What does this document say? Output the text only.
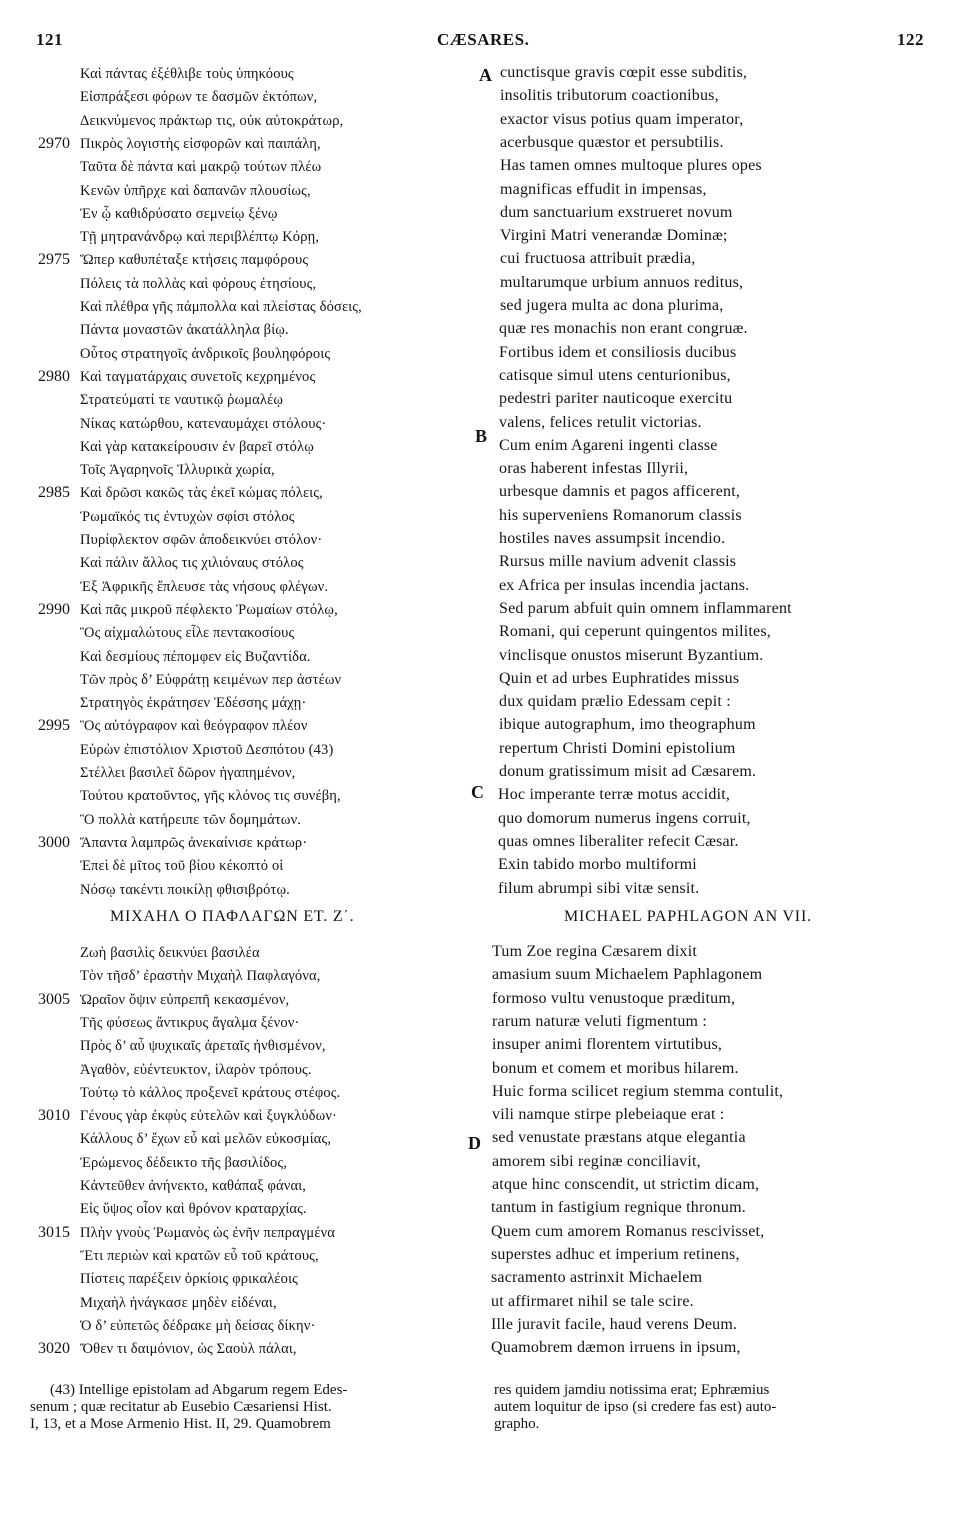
121	CÆSARES.	122
Καὶ πάντας ἐξέθλιβε τοὺς ὑπηκόους
Εἰσπράξεσι φόρων τε δασμῶν ἐκτόπων,
Δεικνύμενος πράκτωρ τις, οὐκ αὐτοκράτωρ,
2970 Πικρὸς λογιστὴς εἰσφορῶν καὶ παιπάλη,
Ταῦτα δὲ πάντα καὶ μακρῷ τούτων πλέω
Κενῶν ὑπῆρχε καὶ δαπανῶν πλουσίως,
Ἐν ᾧ καθιδρύσατο σεμνείῳ ξένῳ
Τῇ μητρανάνδρῳ καὶ περιβλέπτῳ Κόρῃ,
2975 Ὥπερ καθυπέταξε κτήσεις παμφόρους
Πόλεις τὰ πολλὰς καὶ φόρους ἐτησίους,
Καὶ πλέθρα γῆς πάμπολλα καὶ πλείστας δόσεις,
Πάντα μοναστῶν ἀκατάλληλα βίῳ.
Οὗτος στρατηγοῖς ἀνδρικοῖς βουληφόροις
2980 Καὶ ταγματάρχαις συνετοῖς κεχρημένος
Στρατεύματί τε ναυτικῷ ῥωμαλέῳ
Νίκας κατώρθου, κατεναυμάχει στόλους·
Καὶ γὰρ κατακείρουσιν ἐν βαρεῖ στόλῳ
Τοῖς Ἀγαρηνοῖς Ἰλλυρικὰ χωρία,
2985 Καὶ δρῶσι κακῶς τὰς ἐκεῖ κώμας πόλεις,
Ῥωμαϊκός τις ἐντυχὼν σφίσι στόλος
Πυρίφλεκτον σφῶν ἀποδεικνύει στόλον·
Καὶ πάλιν ἄλλος τις χιλιόναυς στόλος
Ἐξ Ἀφρικῆς ἔπλευσε τὰς νήσους φλέγων.
2990 Καὶ πᾶς μικροῦ πέφλεκτο Ῥωμαίων στόλῳ,
Ὃς αἰχμαλώτους εἷλε πεντακοσίους
Καὶ δεσμίους πέπομφεν εἰς Βυζαντίδα.
Τῶν πρὸς δ’ Εὐφράτῃ κειμένων περ ἀστέων
Στρατηγὸς ἐκράτησεν Ἐδέσσης μάχῃ·
2995 Ὃς αὐτόγραφον καὶ θεόγραφον πλέον
Εὑρὼν ἐπιστόλιον Χριστοῦ Δεσπότου (43)
Στέλλει βασιλεῖ δῶρον ἠγαπημένον,
Τούτου κρατοῦντος, γῆς κλόνος τις συνέβη,
Ὃ πολλὰ κατήρειπε τῶν δομημάτων.
3000 Ἅπαντα λαμπρῶς ἀνεκαίνισε κράτωρ·
Ἐπεὶ δὲ μῖτος τοῦ βίου κέκοπτό οἱ
Νόσῳ τακέντι ποικίλῃ φθισιβρότῳ.
cunctisque gravis cœpit esse subditis,
insolitis tributorum coactionibus,
exactor visus potius quam imperator,
acerbusque quæstor et persubtilis.
Has tamen omnes multoque plures opes
magnificas effudit in impensas,
dum sanctuarium exstrueret novum
Virgini Matri venerandæ Dominæ;
cui fructuosa attribuit prædia,
multarumque urbium annuos reditus,
sed jugera multa ac dona plurima,
quæ res monachis non erant congruæ.
Fortibus idem et consiliosis ducibus
catisque simul utens centurionibus,
pedestri pariter nauticoque exercitu
valens, felices retulit victorias.
Cum enim Agareni ingenti classe
oras haberent infestas Illyrii,
urbesque damnis et pagos afficerent,
his superveniens Romanorum classis
hostiles naves assumpsit incendio.
Rursus mille navium advenit classis
ex Africa per insulas incendia jactans.
Sed parum abfuit quin omnem inflammarent
Romani, qui ceperunt quingentos milites,
vinclisque onustos miserunt Byzantium.
Quin et ad urbes Euphratides missus
dux quidam prælio Edessam cepit :
ibique autographum, imo theographum
repertum Christi Domini epistolium
donum gratissimum misit ad Cæsarem.
Hoc imperante terræ motus accidit,
quo domorum numerus ingens corruit,
quas omnes liberaliter refecit Cæsar.
Exin tabido morbo multiformi
filum abrumpi sibi vitæ sensit.
A
B
C
D
ΜΙΧΑΗΛ Ο ΠΑΦΛΑΓΩΝ ΕΤ. Ζ΄.	MICHAEL PAPHLAGON AN VII.
Ζωὴ βασιλὶς δεικνύει βασιλέα
Τὸν τῆσδ’ ἐραστὴν Μιχαὴλ Παφλαγόνα,
3005 Ὡραῖον ὄψιν εὐπρεπῆ κεκασμένον,
Τῆς φύσεως ἄντικρυς ἄγαλμα ξένον·
Πρὸς δ’ αὖ ψυχικαῖς ἀρεταῖς ἠνθισμένον,
Ἀγαθὸν, εὐέντευκτον, ἱλαρὸν τρόπους.
Τούτῳ τὸ κάλλος προξενεῖ κράτους στέφος.
3010 Γένους γὰρ ἐκφὺς εὐτελῶν καὶ ξυγκλύδων·
Κάλλους δ’ ἔχων εὖ καὶ μελῶν εὐκοσμίας,
Ἐρώμενος δέδεικτο τῆς βασιλίδος,
Κἀντεῦθεν ἀνήνεκτο, καθάπαξ φάναι,
Εἰς ὕψος οἷον καὶ θρόνον κραταρχίας.
3015 Πλὴν γνοὺς Ῥωμανὸς ὡς ἐνῆν πεπραγμένα
Ἔτι περιὼν καὶ κρατῶν εὖ τοῦ κράτους,
Πίστεις παρέξειν ὁρκίοις φρικαλέοις
Μιχαὴλ ἠνάγκασε μηδὲν εἰδέναι,
Ὁ δ’ εὐπετῶς δέδρακε μὴ δείσας δίκην·
3020 Ὅθεν τι δαιμόνιον, ὡς Σαοὺλ πάλαι,
Tum Zoe regina Cæsarem dixit
amasium suum Michaelem Paphlagonem
formoso vultu venustoque præditum,
rarum naturæ veluti figmentum :
insuper animi florentem virtutibus,
bonum et comem et moribus hilarem.
Huic forma scilicet regium stemma contulit,
vili namque stirpe plebeiaque erat :
sed venustate præstans atque elegantia
amorem sibi reginæ conciliavit,
atque hinc conscendit, ut strictim dicam,
tantum in fastigium regnique thronum.
Quem cum amorem Romanus rescivisset,
superstes adhuc et imperium retinens,
sacramento astrinxit Michaelem
ut affirmaret nihil se tale scire.
Ille juravit facile, haud verens Deum.
Quamobrem dæmon irruens in ipsum,
(43) Intellige epistolam ad Abgarum regem Edes-
senum ; quæ recitatur ab Eusebio Cæsariensi Hist.
I, 13, et a Mose Armenio Hist. II, 29. Quamobrem
res quidem jamdiu notissima erat; Ephræmius
autem loquitur de ipso (si credere fas est) auto-
grapho.
